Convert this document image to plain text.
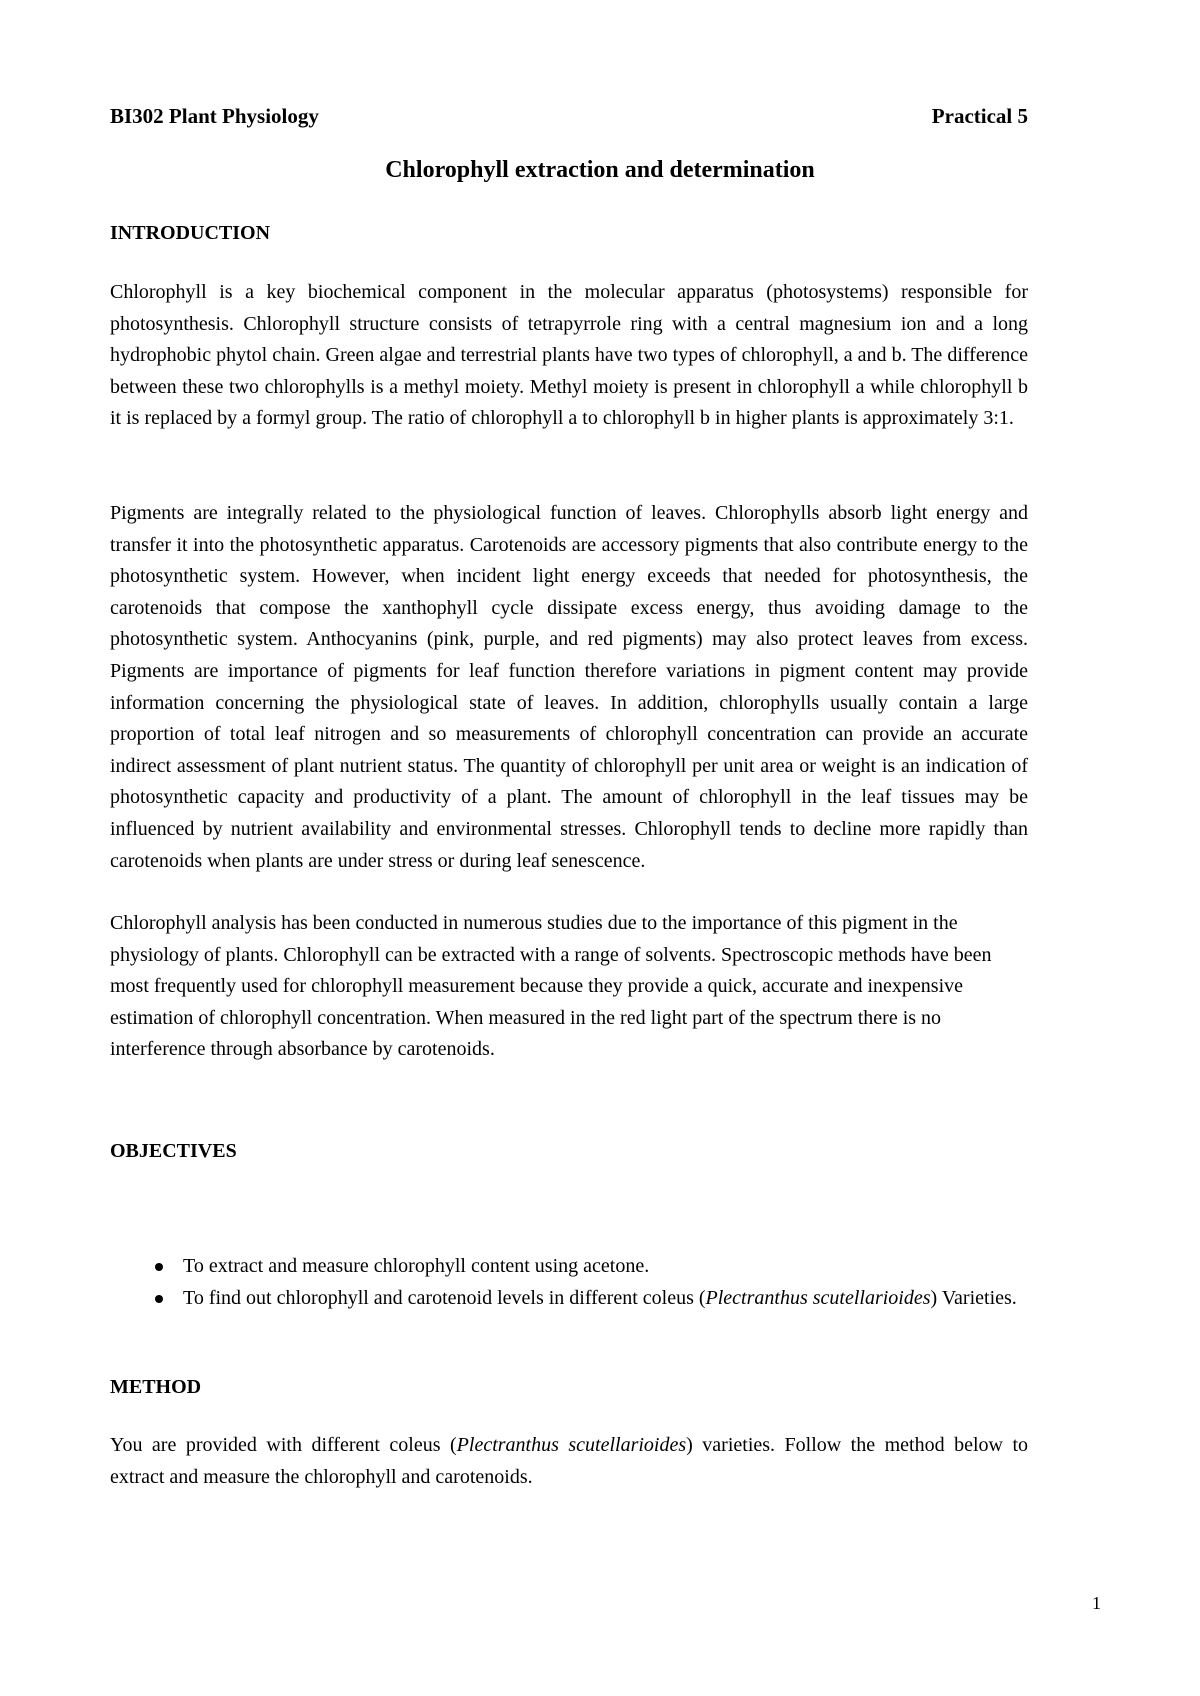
BI302 Plant Physiology	Practical 5
Chlorophyll extraction and determination
INTRODUCTION

Chlorophyll is a key biochemical component in the molecular apparatus (photosystems) responsible for photosynthesis. Chlorophyll structure consists of tetrapyrrole ring with a central magnesium ion and a long hydrophobic phytol chain. Green algae and terrestrial plants have two types of chlorophyll, a and b. The difference between these two chlorophylls is a methyl moiety. Methyl moiety is present in chlorophyll a while chlorophyll b it is replaced by a formyl group. The ratio of chlorophyll a to chlorophyll b in higher plants is approximately 3:1.

Pigments are integrally related to the physiological function of leaves. Chlorophylls absorb light energy and transfer it into the photosynthetic apparatus. Carotenoids are accessory pigments that also contribute energy to the photosynthetic system. However, when incident light energy exceeds that needed for photosynthesis, the carotenoids that compose the xanthophyll cycle dissipate excess energy, thus avoiding damage to the photosynthetic system. Anthocyanins (pink, purple, and red pigments) may also protect leaves from excess. Pigments are importance of pigments for leaf function therefore variations in pigment content may provide information concerning the physiological state of leaves. In addition, chlorophylls usually contain a large proportion of total leaf nitrogen and so measurements of chlorophyll concentration can provide an accurate indirect assessment of plant nutrient status. The quantity of chlorophyll per unit area or weight is an indication of photosynthetic capacity and productivity of a plant. The amount of chlorophyll in the leaf tissues may be influenced by nutrient availability and environmental stresses. Chlorophyll tends to decline more rapidly than carotenoids when plants are under stress or during leaf senescence.

Chlorophyll analysis has been conducted in numerous studies due to the importance of this pigment in the physiology of plants. Chlorophyll can be extracted with a range of solvents. Spectroscopic methods have been most frequently used for chlorophyll measurement because they provide a quick, accurate and inexpensive estimation of chlorophyll concentration. When measured in the red light part of the spectrum there is no interference through absorbance by carotenoids.

OBJECTIVES
To extract and measure chlorophyll content using acetone.
To find out chlorophyll and carotenoid levels in different coleus (Plectranthus scutellarioides) Varieties.
METHOD

You are provided with different coleus (Plectranthus scutellarioides) varieties. Follow the method below to extract and measure the chlorophyll and carotenoids.

1
